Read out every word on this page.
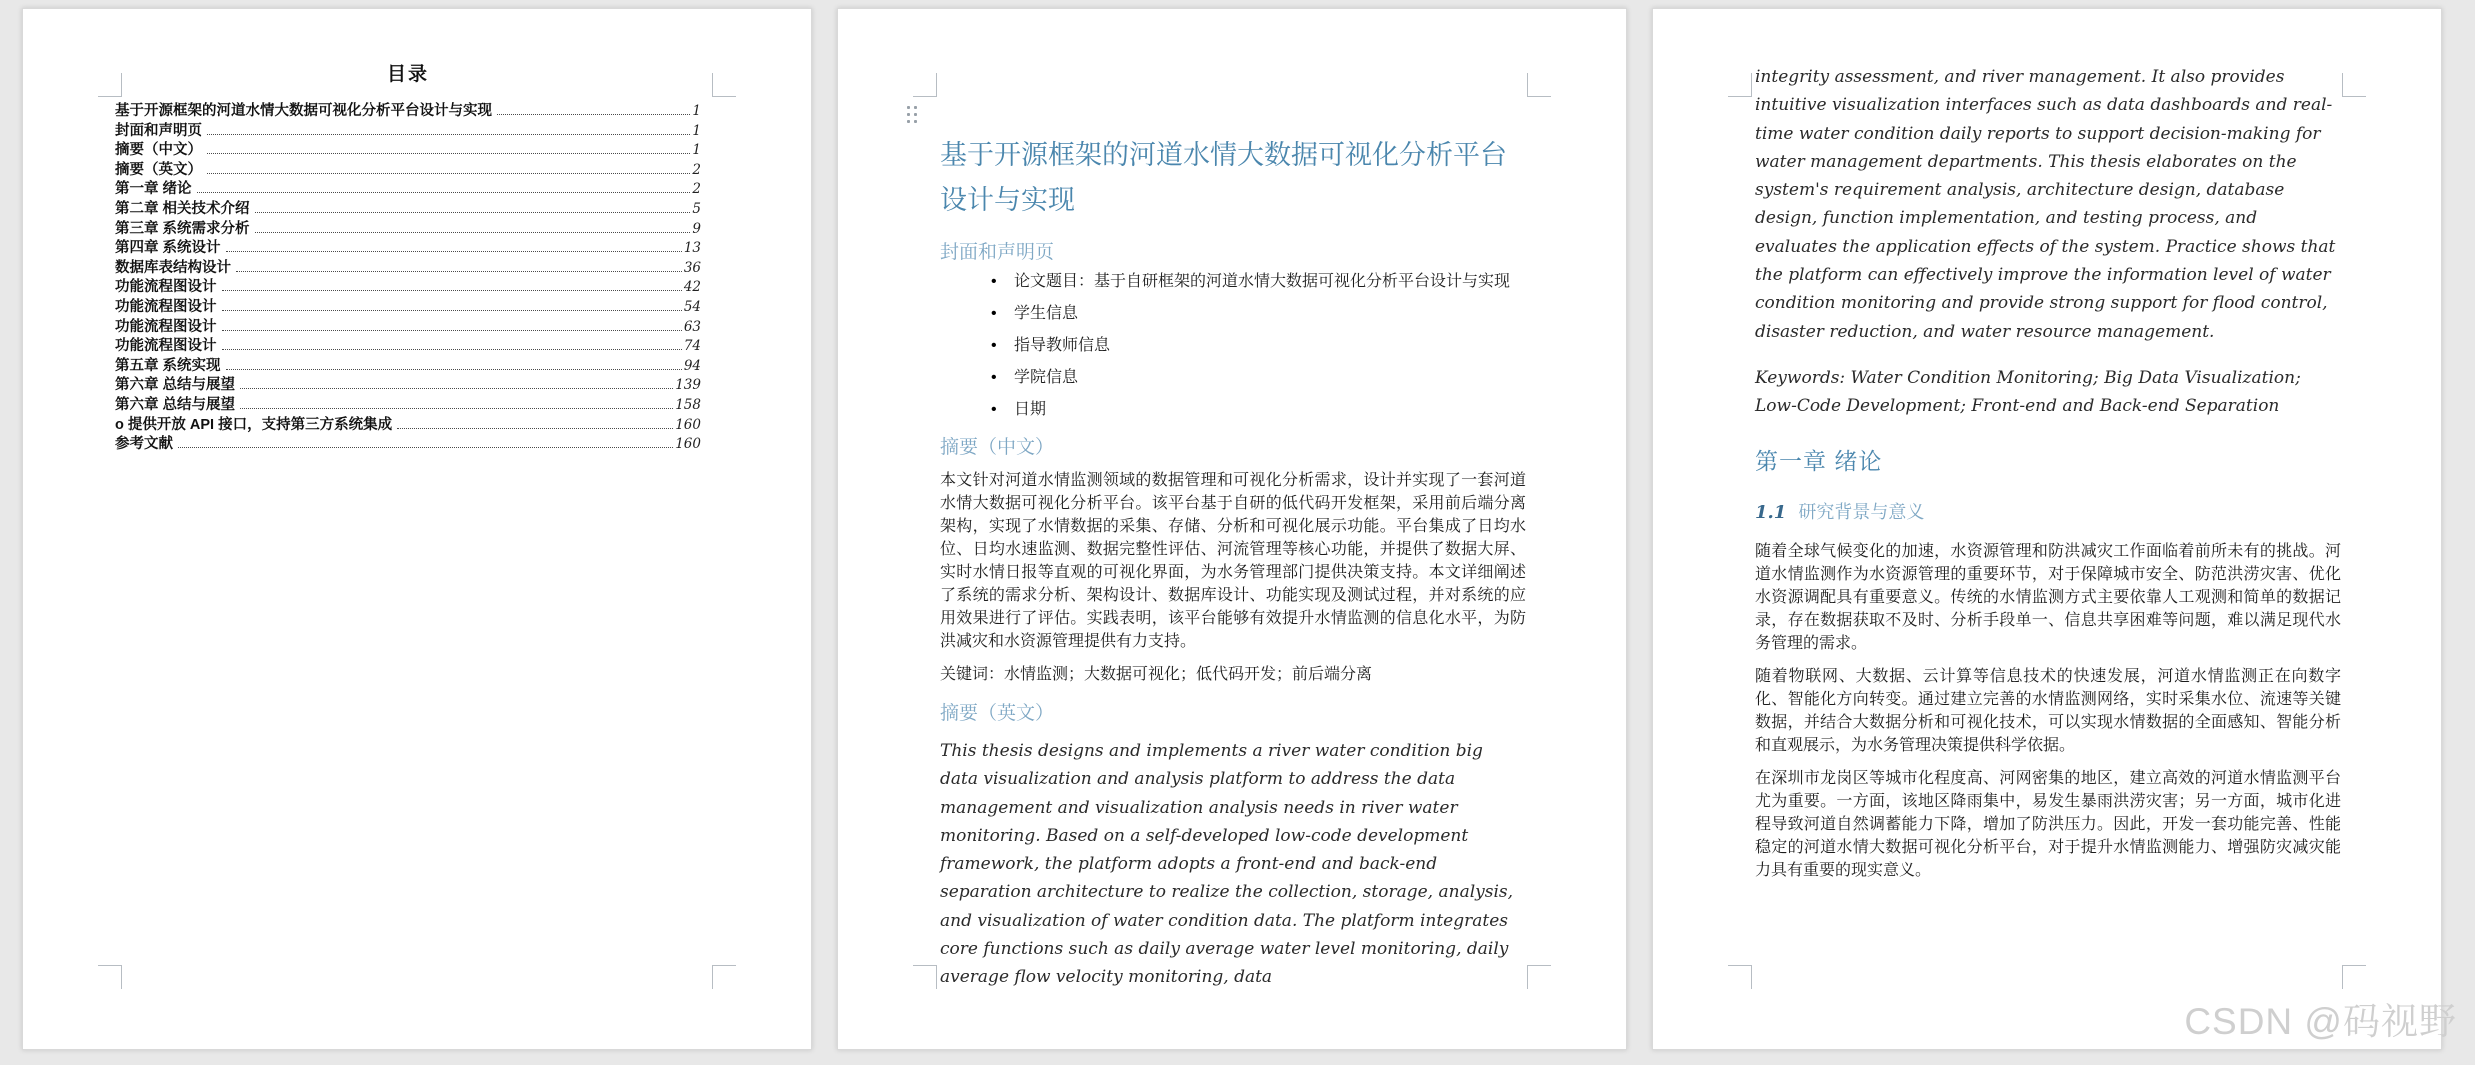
目录
基于开源框架的河道水情大数据可视化分析平台设计与实现	1
封面和声明页	1
摘要（中文）	1
摘要（英文）	2
第一章 绪论	2
第二章 相关技术介绍	5
第三章 系统需求分析	9
第四章 系统设计	13
数据库表结构设计	36
功能流程图设计	42
功能流程图设计	54
功能流程图设计	63
功能流程图设计	74
第五章 系统实现	94
第六章 总结与展望	139
第六章 总结与展望	158
o 提供开放 API 接口，支持第三方系统集成	160
参考文献	160
基于开源框架的河道水情大数据可视化分析平台设计与实现
封面和声明页
• 论文题目：基于自研框架的河道水情大数据可视化分析平台设计与实现
• 学生信息
• 指导教师信息
• 学院信息
• 日期
摘要（中文）

本文针对河道水情监测领域的数据管理和可视化分析需求，设计并实现了一套河道水情大数据可视化分析平台。该平台基于自研的低代码开发框架，采用前后端分离架构，实现了水情数据的采集、存储、分析和可视化展示功能。平台集成了日均水位、日均水速监测、数据完整性评估、河流管理等核心功能，并提供了数据大屏、实时水情日报等直观的可视化界面，为水务管理部门提供决策支持。本文详细阐述了系统的需求分析、架构设计、数据库设计、功能实现及测试过程，并对系统的应用效果进行了评估。实践表明，该平台能够有效提升水情监测的信息化水平，为防洪减灾和水资源管理提供有力支持。

关键词：水情监测；大数据可视化；低代码开发；前后端分离

摘要（英文）

This thesis designs and implements a river water condition big data visualization and analysis platform to address the data management and visualization analysis needs in river water monitoring. Based on a self-developed low-code development framework, the platform adopts a front-end and back-end separation architecture to realize the collection, storage, analysis, and visualization of water condition data. The platform integrates core functions such as daily average water level monitoring, daily average flow velocity monitoring, data

integrity assessment, and river management. It also provides intuitive visualization interfaces such as data dashboards and real-time water condition daily reports to support decision-making for water management departments. This thesis elaborates on the system's requirement analysis, architecture design, database design, function implementation, and testing process, and evaluates the application effects of the system. Practice shows that the platform can effectively improve the information level of water condition monitoring and provide strong support for flood control, disaster reduction, and water resource management.

Keywords: Water Condition Monitoring; Big Data Visualization; Low-Code Development; Front-end and Back-end Separation

第一章 绪论
1.1 研究背景与意义

随着全球气候变化的加速，水资源管理和防洪减灾工作面临着前所未有的挑战。河道水情监测作为水资源管理的重要环节，对于保障城市安全、防范洪涝灾害、优化水资源调配具有重要意义。传统的水情监测方式主要依靠人工观测和简单的数据记录，存在数据获取不及时、分析手段单一、信息共享困难等问题，难以满足现代水务管理的需求。

随着物联网、大数据、云计算等信息技术的快速发展，河道水情监测正在向数字化、智能化方向转变。通过建立完善的水情监测网络，实时采集水位、流速等关键数据，并结合大数据分析和可视化技术，可以实现水情数据的全面感知、智能分析和直观展示，为水务管理决策提供科学依据。

在深圳市龙岗区等城市化程度高、河网密集的地区，建立高效的河道水情监测平台尤为重要。一方面，该地区降雨集中，易发生暴雨洪涝灾害；另一方面，城市化进程导致河道自然调蓄能力下降，增加了防洪压力。因此，开发一套功能完善、性能稳定的河道水情大数据可视化分析平台，对于提升水情监测能力、增强防灾减灾能力具有重要的现实意义。

CSDN @码视野
